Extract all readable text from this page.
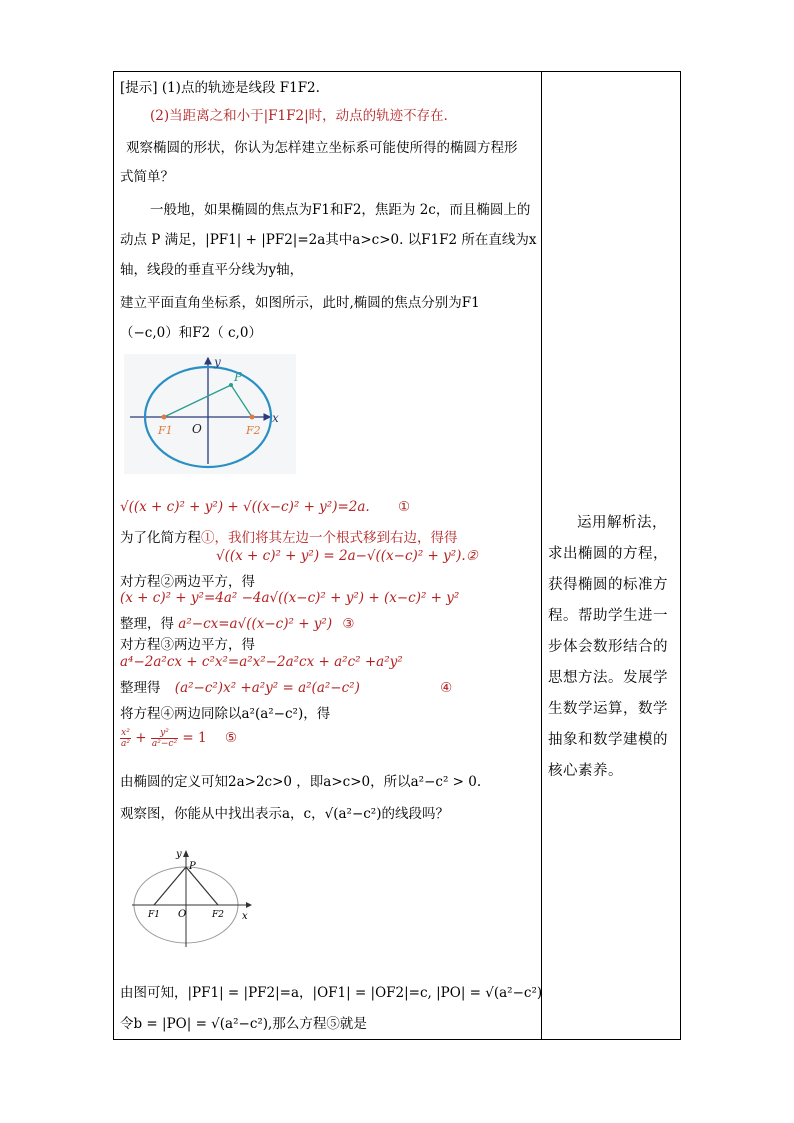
[提示] (1)点的轨迹是线段 F1F2.
(2)当距离之和小于|F1F2|时，动点的轨迹不存在．
观察椭圆的形状，你认为怎样建立坐标系可能使所得的椭圆方程形
式简单？
一般地，如果椭圆的焦点为F1和F2，焦距为 2c，而且椭圆上的
动点 P 满足，|PF1| + |PF2|=2a其中a>c>0. 以F1F2 所在直线为x
轴，线段的垂直平分线为y轴，
建立平面直角坐标系，如图所示，此时,椭圆的焦点分别为F1
（−c,0）和F2（ c,0）
y
x
P
O
F1	F2
√((x + c)² + y²) + √((x−c)² + y²)=2a. ①
为了化简方程①，我们将其左边一个根式移到右边，得得
√((x + c)² + y²) = 2a−√((x−c)² + y²).②
对方程②两边平方，得
(x + c)² + y²=4a² −4a√((x−c)² + y²) + (x−c)² + y²
整理，得 a²−cx=a√((x−c)² + y²) ③
对方程③两边平方，得
a⁴−2a²cx + c²x²=a²x²−2a²cx + a²c² +a²y²
整理得 (a²−c²)x² +a²y² = a²(a²−c²)	④
将方程④两边同除以a²(a²−c²)，得
$\frac{\text{x²}}{\text{a²}} + \frac{\text{y²}}{\text{a²−c²}} = 1$ ⑤
由椭圆的定义可知2a>2c>0 ，即a>c>0，所以a²−c² > 0.
观察图，你能从中找出表示a，c，√(a²−c²)的线段吗？
y
x
P
O
F1	F2
由图可知，|PF1| = |PF2|=a，|OF1| = |OF2|=c, |PO| = √(a²−c²)
令b = |PO| = √(a²−c²),那么方程⑤就是
运用解析法，求出椭圆的方程，获得椭圆的标准方程。帮助学生进一步体会数形结合的思想方法。发展学生数学运算，数学抽象和数学建模的核心素养。
